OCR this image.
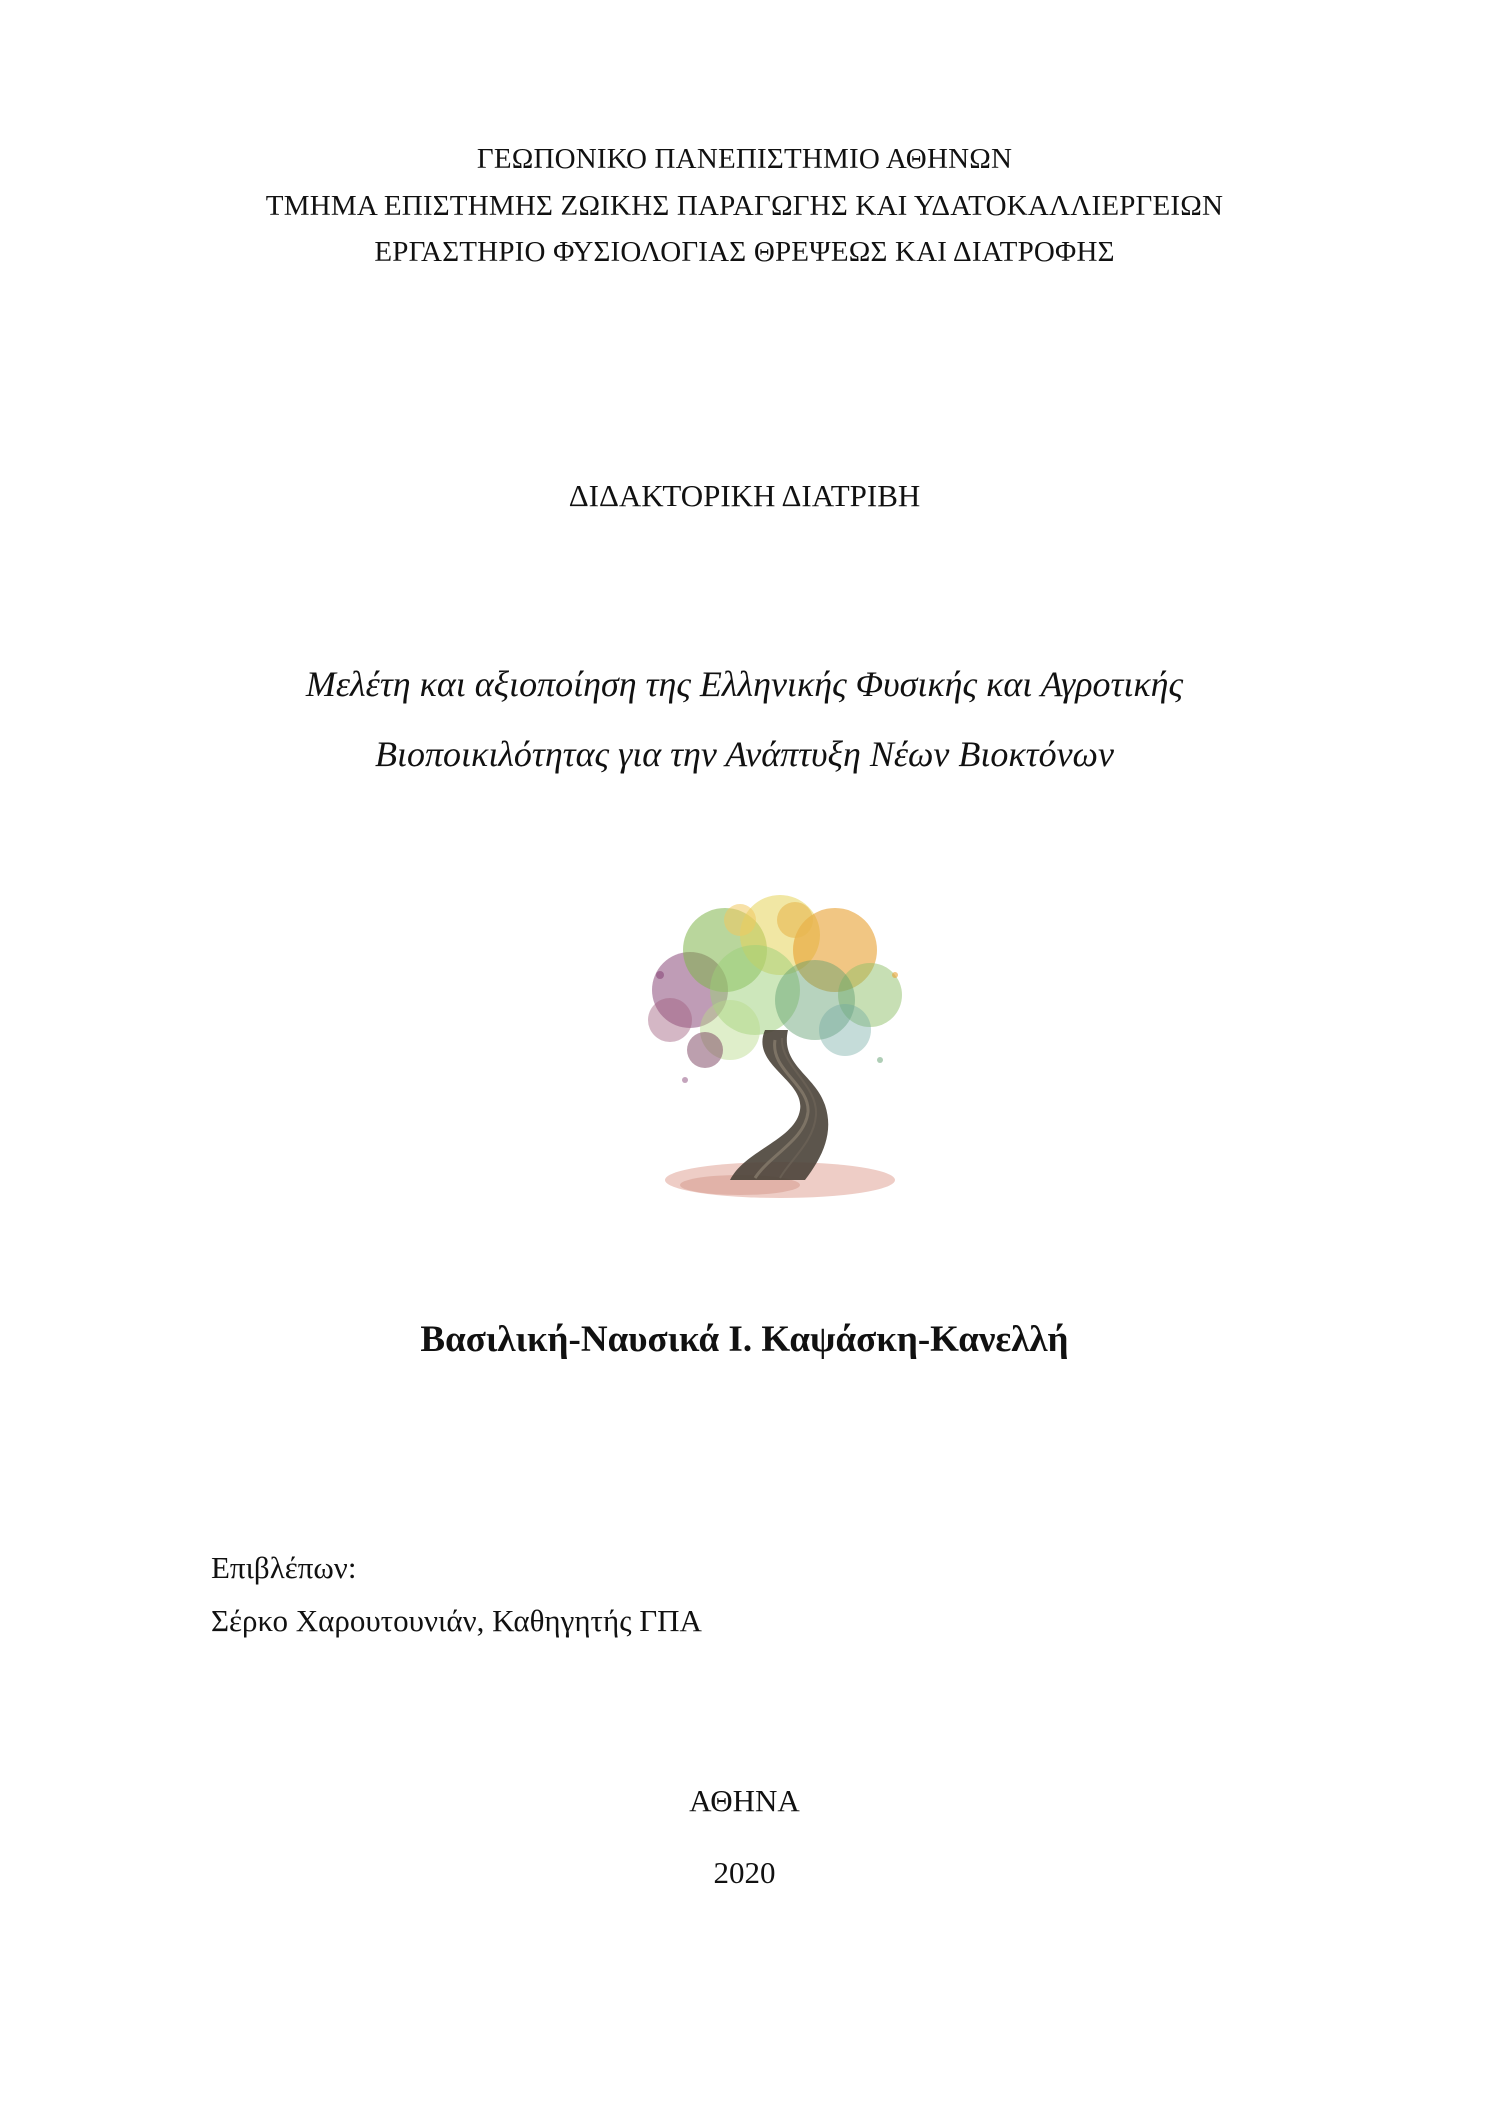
ΓΕΩΠΟΝΙΚΟ ΠΑΝΕΠΙΣΤΗΜΙΟ ΑΘΗΝΩΝ
ΤΜΗΜΑ ΕΠΙΣΤΗΜΗΣ ΖΩΙΚΗΣ ΠΑΡΑΓΩΓΗΣ ΚΑΙ ΥΔΑΤΟΚΑΛΛΙΕΡΓΕΙΩΝ
ΕΡΓΑΣΤΗΡΙΟ ΦΥΣΙΟΛΟΓΙΑΣ ΘΡΕΨΕΩΣ ΚΑΙ ΔΙΑΤΡΟΦΗΣ
ΔΙΔΑΚΤΟΡΙΚΗ ΔΙΑΤΡΙΒΗ
Μελέτη και αξιοποίηση της Ελληνικής Φυσικής και Αγροτικής
Βιοποικιλότητας για την Ανάπτυξη Νέων Βιοκτόνων
Βασιλική-Ναυσικά Ι. Καψάσκη-Κανελλή
Επιβλέπων:
Σέρκο Χαρουτουνιάν, Καθηγητής ΓΠΑ
ΑΘΗΝΑ
2020
